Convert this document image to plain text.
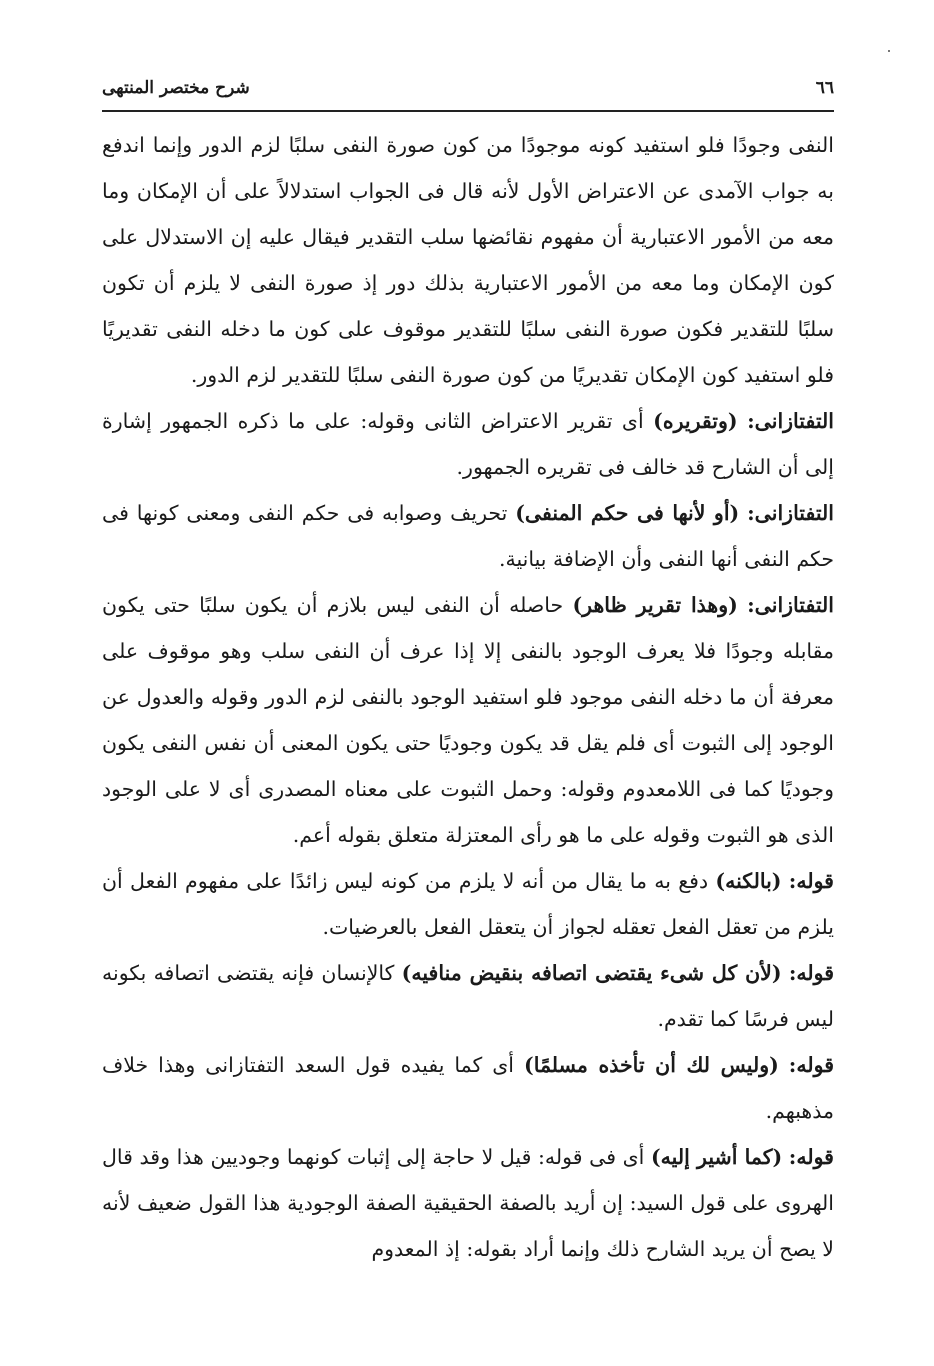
٦٦
شرح مختصر المنتهى

النفى وجودًا فلو استفيد كونه موجودًا من كون صورة النفى سلبًا لزم الدور وإنما اندفع به جواب الآمدى عن الاعتراض الأول لأنه قال فى الجواب استدلالاً على أن الإمكان وما معه من الأمور الاعتبارية أن مفهوم نقائضها سلب التقدير فيقال عليه إن الاستدلال على كون الإمكان وما معه من الأمور الاعتبارية بذلك دور إذ صورة النفى لا يلزم أن تكون سلبًا للتقدير فكون صورة النفى سلبًا للتقدير موقوف على كون ما دخله النفى تقديريًا فلو استفيد كون الإمكان تقديريًا من كون صورة النفى سلبًا للتقدير لزم الدور.

التفتازانى: (وتقريره) أى تقرير الاعتراض الثانى وقوله: على ما ذكره الجمهور إشارة إلى أن الشارح قد خالف فى تقريره الجمهور.

التفتازانى: (أو لأنها فى حكم المنفى) تحريف وصوابه فى حكم النفى ومعنى كونها فى حكم النفى أنها النفى وأن الإضافة بيانية.

التفتازانى: (وهذا تقرير ظاهر) حاصله أن النفى ليس بلازم أن يكون سلبًا حتى يكون مقابله وجودًا فلا يعرف الوجود بالنفى إلا إذا عرف أن النفى سلب وهو موقوف على معرفة أن ما دخله النفى موجود فلو استفيد الوجود بالنفى لزم الدور وقوله والعدول عن الوجود إلى الثبوت أى فلم يقل قد يكون وجوديًا حتى يكون المعنى أن نفس النفى يكون وجوديًا كما فى اللامعدوم وقوله: وحمل الثبوت على معناه المصدرى أى لا على الوجود الذى هو الثبوت وقوله على ما هو رأى المعتزلة متعلق بقوله أعم.

قوله: (بالكنه) دفع به ما يقال من أنه لا يلزم من كونه ليس زائدًا على مفهوم الفعل أن يلزم من تعقل الفعل تعقله لجواز أن يتعقل الفعل بالعرضيات.

قوله: (لأن كل شىء يقتضى اتصافه بنقيض منافيه) كالإنسان فإنه يقتضى اتصافه بكونه ليس فرسًا كما تقدم.

قوله: (وليس لك أن تأخذه مسلمًا) أى كما يفيده قول السعد التفتازانى وهذا خلاف مذهبهم.

قوله: (كما أشير إليه) أى فى قوله: قيل لا حاجة إلى إثبات كونهما وجوديين هذا وقد قال الهروى على قول السيد: إن أريد بالصفة الحقيقية الصفة الوجودية هذا القول ضعيف لأنه لا يصح أن يريد الشارح ذلك وإنما أراد بقوله: إذ المعدوم
